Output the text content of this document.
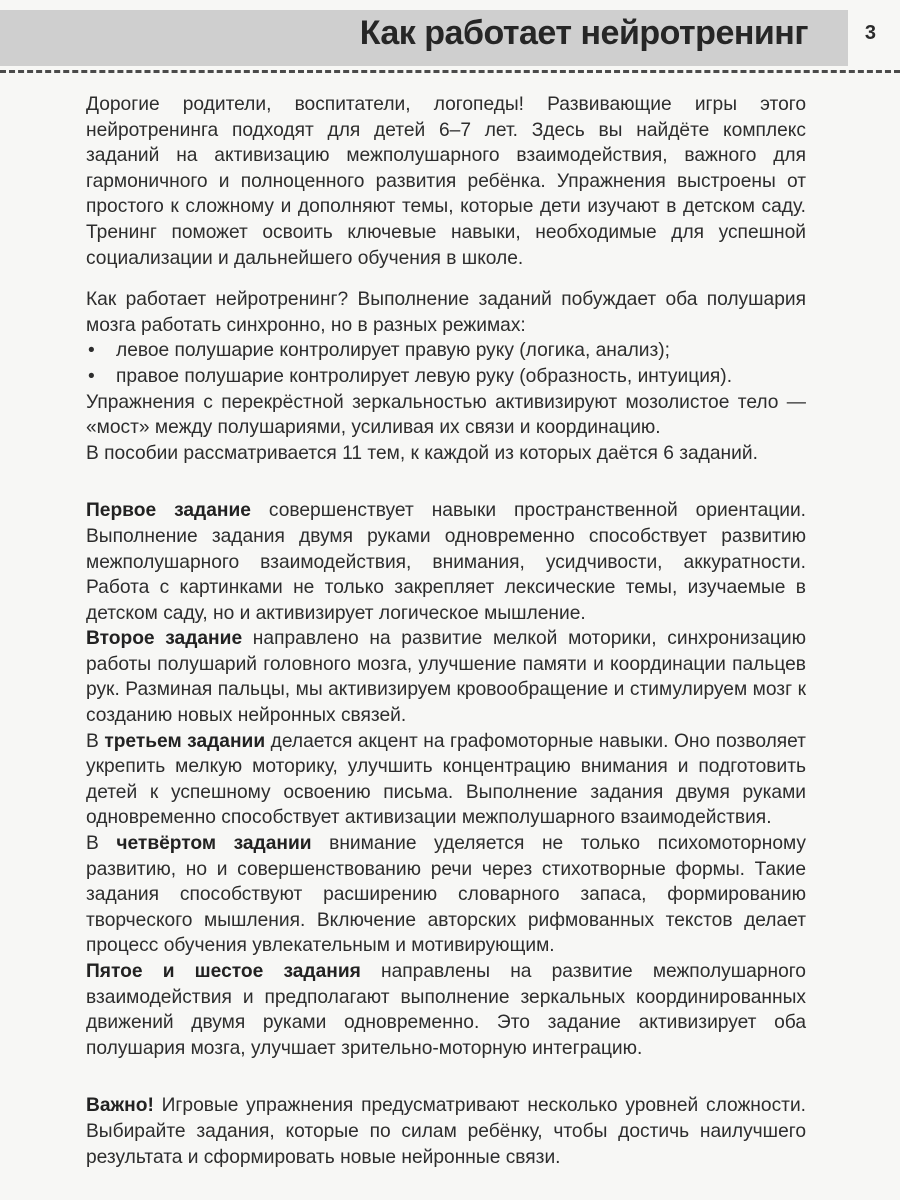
Как работает нейротренинг	3

Дорогие родители, воспитатели, логопеды! Развивающие игры этого нейротренинга подходят для детей 6–7 лет. Здесь вы найдёте комплекс заданий на активизацию межполушарного взаимодействия, важного для гармоничного и полноценного развития ребёнка. Упражнения выстроены от простого к сложному и дополняют темы, которые дети изучают в детском саду. Тренинг поможет освоить ключевые навыки, необходимые для успешной социализации и дальнейшего обучения в школе.

Как работает нейротренинг? Выполнение заданий побуждает оба полушария мозга работать синхронно, но в разных режимах:

• левое полушарие контролирует правую руку (логика, анализ);
• правое полушарие контролирует левую руку (образность, интуиция).

Упражнения с перекрёстной зеркальностью активизируют мозолистое тело — «мост» между полушариями, усиливая их связи и координацию.

В пособии рассматривается 11 тем, к каждой из которых даётся 6 заданий.

Первое задание совершенствует навыки пространственной ориентации. Выполнение задания двумя руками одновременно способствует развитию межполушарного взаимодействия, внимания, усидчивости, аккуратности. Работа с картинками не только закрепляет лексические темы, изучаемые в детском саду, но и активизирует логическое мышление.

Второе задание направлено на развитие мелкой моторики, синхронизацию работы полушарий головного мозга, улучшение памяти и координации пальцев рук. Разминая пальцы, мы активизируем кровообращение и стимулируем мозг к созданию новых нейронных связей.

В третьем задании делается акцент на графомоторные навыки. Оно позволяет укрепить мелкую моторику, улучшить концентрацию внимания и подготовить детей к успешному освоению письма. Выполнение задания двумя руками одновременно способствует активизации межполушарного взаимодействия.

В четвёртом задании внимание уделяется не только психомоторному развитию, но и совершенствованию речи через стихотворные формы. Такие задания способствуют расширению словарного запаса, формированию творческого мышления. Включение авторских рифмованных текстов делает процесс обучения увлекательным и мотивирующим.

Пятое и шестое задания направлены на развитие межполушарного взаимодействия и предполагают выполнение зеркальных координированных движений двумя руками одновременно. Это задание активизирует оба полушария мозга, улучшает зрительно-моторную интеграцию.

Важно! Игровые упражнения предусматривают несколько уровней сложности. Выбирайте задания, которые по силам ребёнку, чтобы достичь наилучшего результата и сформировать новые нейронные связи.
